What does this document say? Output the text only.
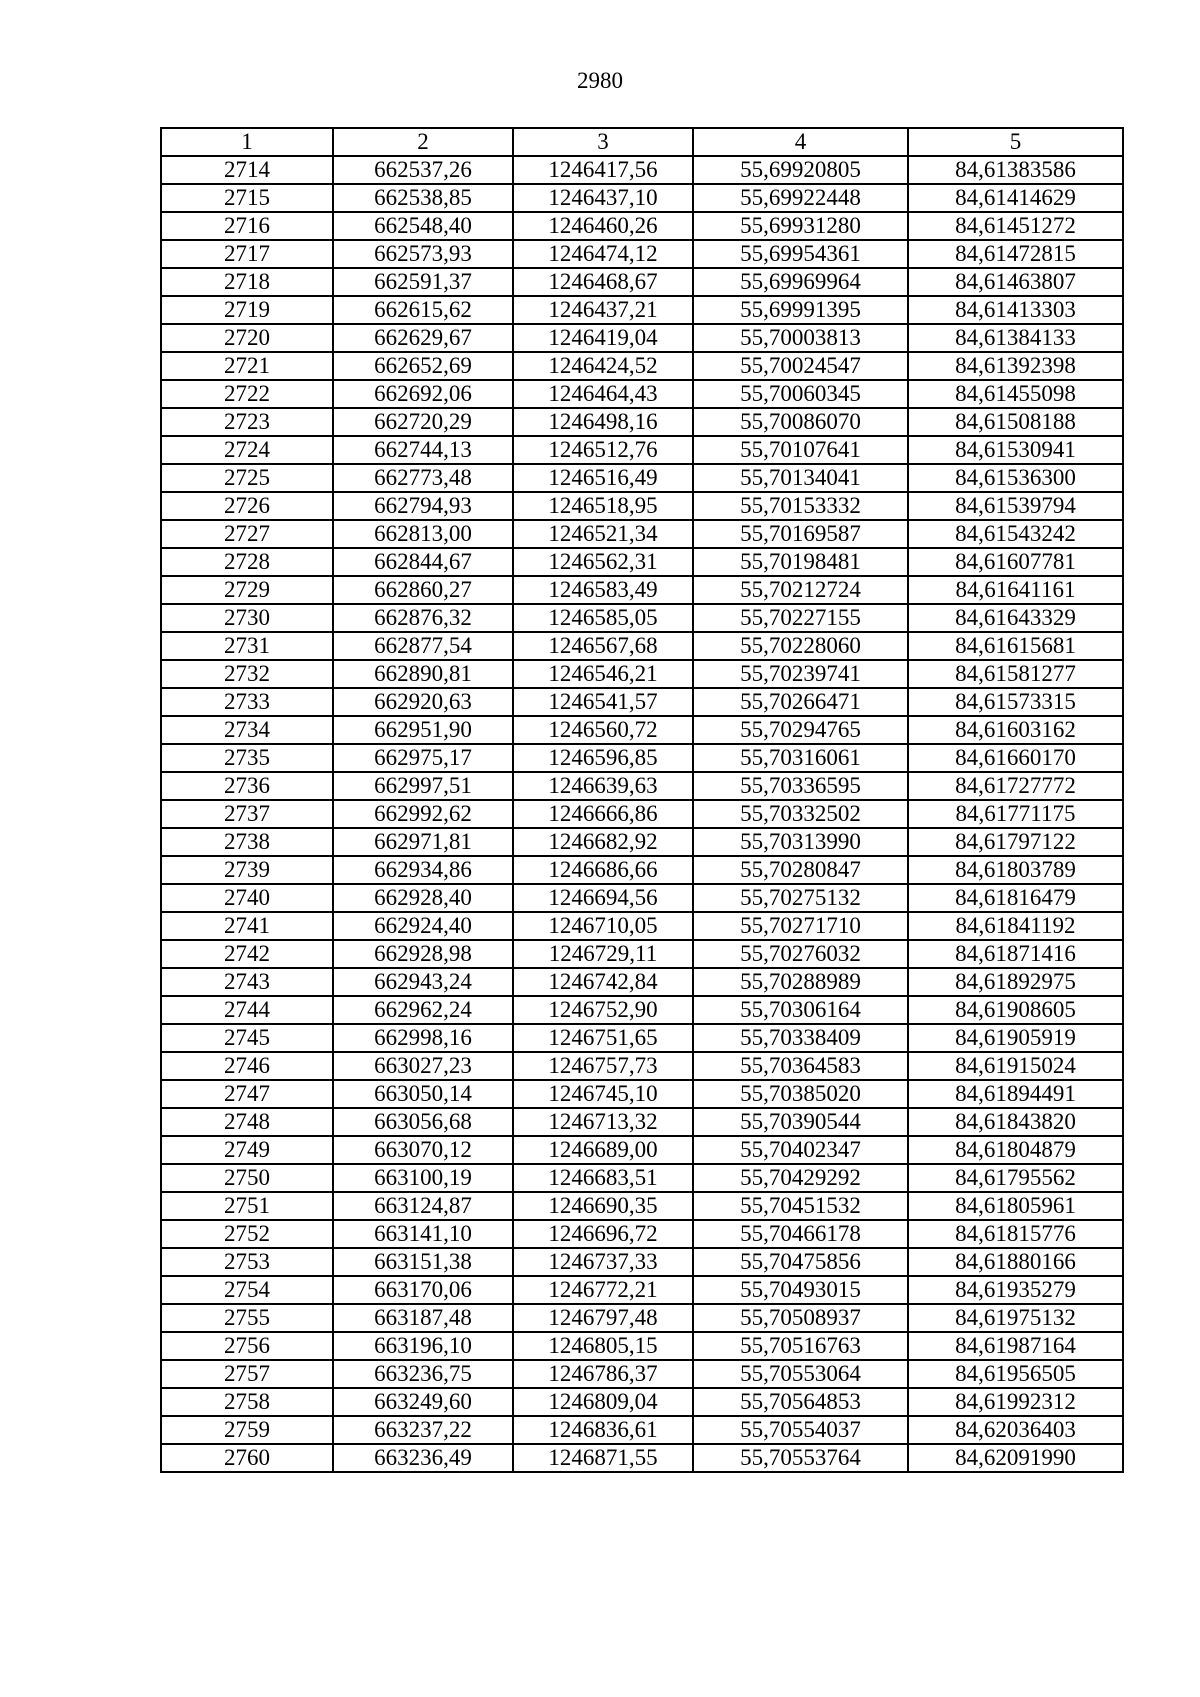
2980
1	2	3	4	5
2714	662537,26	1246417,56	55,69920805	84,61383586
2715	662538,85	1246437,10	55,69922448	84,61414629
2716	662548,40	1246460,26	55,69931280	84,61451272
2717	662573,93	1246474,12	55,69954361	84,61472815
2718	662591,37	1246468,67	55,69969964	84,61463807
2719	662615,62	1246437,21	55,69991395	84,61413303
2720	662629,67	1246419,04	55,70003813	84,61384133
2721	662652,69	1246424,52	55,70024547	84,61392398
2722	662692,06	1246464,43	55,70060345	84,61455098
2723	662720,29	1246498,16	55,70086070	84,61508188
2724	662744,13	1246512,76	55,70107641	84,61530941
2725	662773,48	1246516,49	55,70134041	84,61536300
2726	662794,93	1246518,95	55,70153332	84,61539794
2727	662813,00	1246521,34	55,70169587	84,61543242
2728	662844,67	1246562,31	55,70198481	84,61607781
2729	662860,27	1246583,49	55,70212724	84,61641161
2730	662876,32	1246585,05	55,70227155	84,61643329
2731	662877,54	1246567,68	55,70228060	84,61615681
2732	662890,81	1246546,21	55,70239741	84,61581277
2733	662920,63	1246541,57	55,70266471	84,61573315
2734	662951,90	1246560,72	55,70294765	84,61603162
2735	662975,17	1246596,85	55,70316061	84,61660170
2736	662997,51	1246639,63	55,70336595	84,61727772
2737	662992,62	1246666,86	55,70332502	84,61771175
2738	662971,81	1246682,92	55,70313990	84,61797122
2739	662934,86	1246686,66	55,70280847	84,61803789
2740	662928,40	1246694,56	55,70275132	84,61816479
2741	662924,40	1246710,05	55,70271710	84,61841192
2742	662928,98	1246729,11	55,70276032	84,61871416
2743	662943,24	1246742,84	55,70288989	84,61892975
2744	662962,24	1246752,90	55,70306164	84,61908605
2745	662998,16	1246751,65	55,70338409	84,61905919
2746	663027,23	1246757,73	55,70364583	84,61915024
2747	663050,14	1246745,10	55,70385020	84,61894491
2748	663056,68	1246713,32	55,70390544	84,61843820
2749	663070,12	1246689,00	55,70402347	84,61804879
2750	663100,19	1246683,51	55,70429292	84,61795562
2751	663124,87	1246690,35	55,70451532	84,61805961
2752	663141,10	1246696,72	55,70466178	84,61815776
2753	663151,38	1246737,33	55,70475856	84,61880166
2754	663170,06	1246772,21	55,70493015	84,61935279
2755	663187,48	1246797,48	55,70508937	84,61975132
2756	663196,10	1246805,15	55,70516763	84,61987164
2757	663236,75	1246786,37	55,70553064	84,61956505
2758	663249,60	1246809,04	55,70564853	84,61992312
2759	663237,22	1246836,61	55,70554037	84,62036403
2760	663236,49	1246871,55	55,70553764	84,62091990
